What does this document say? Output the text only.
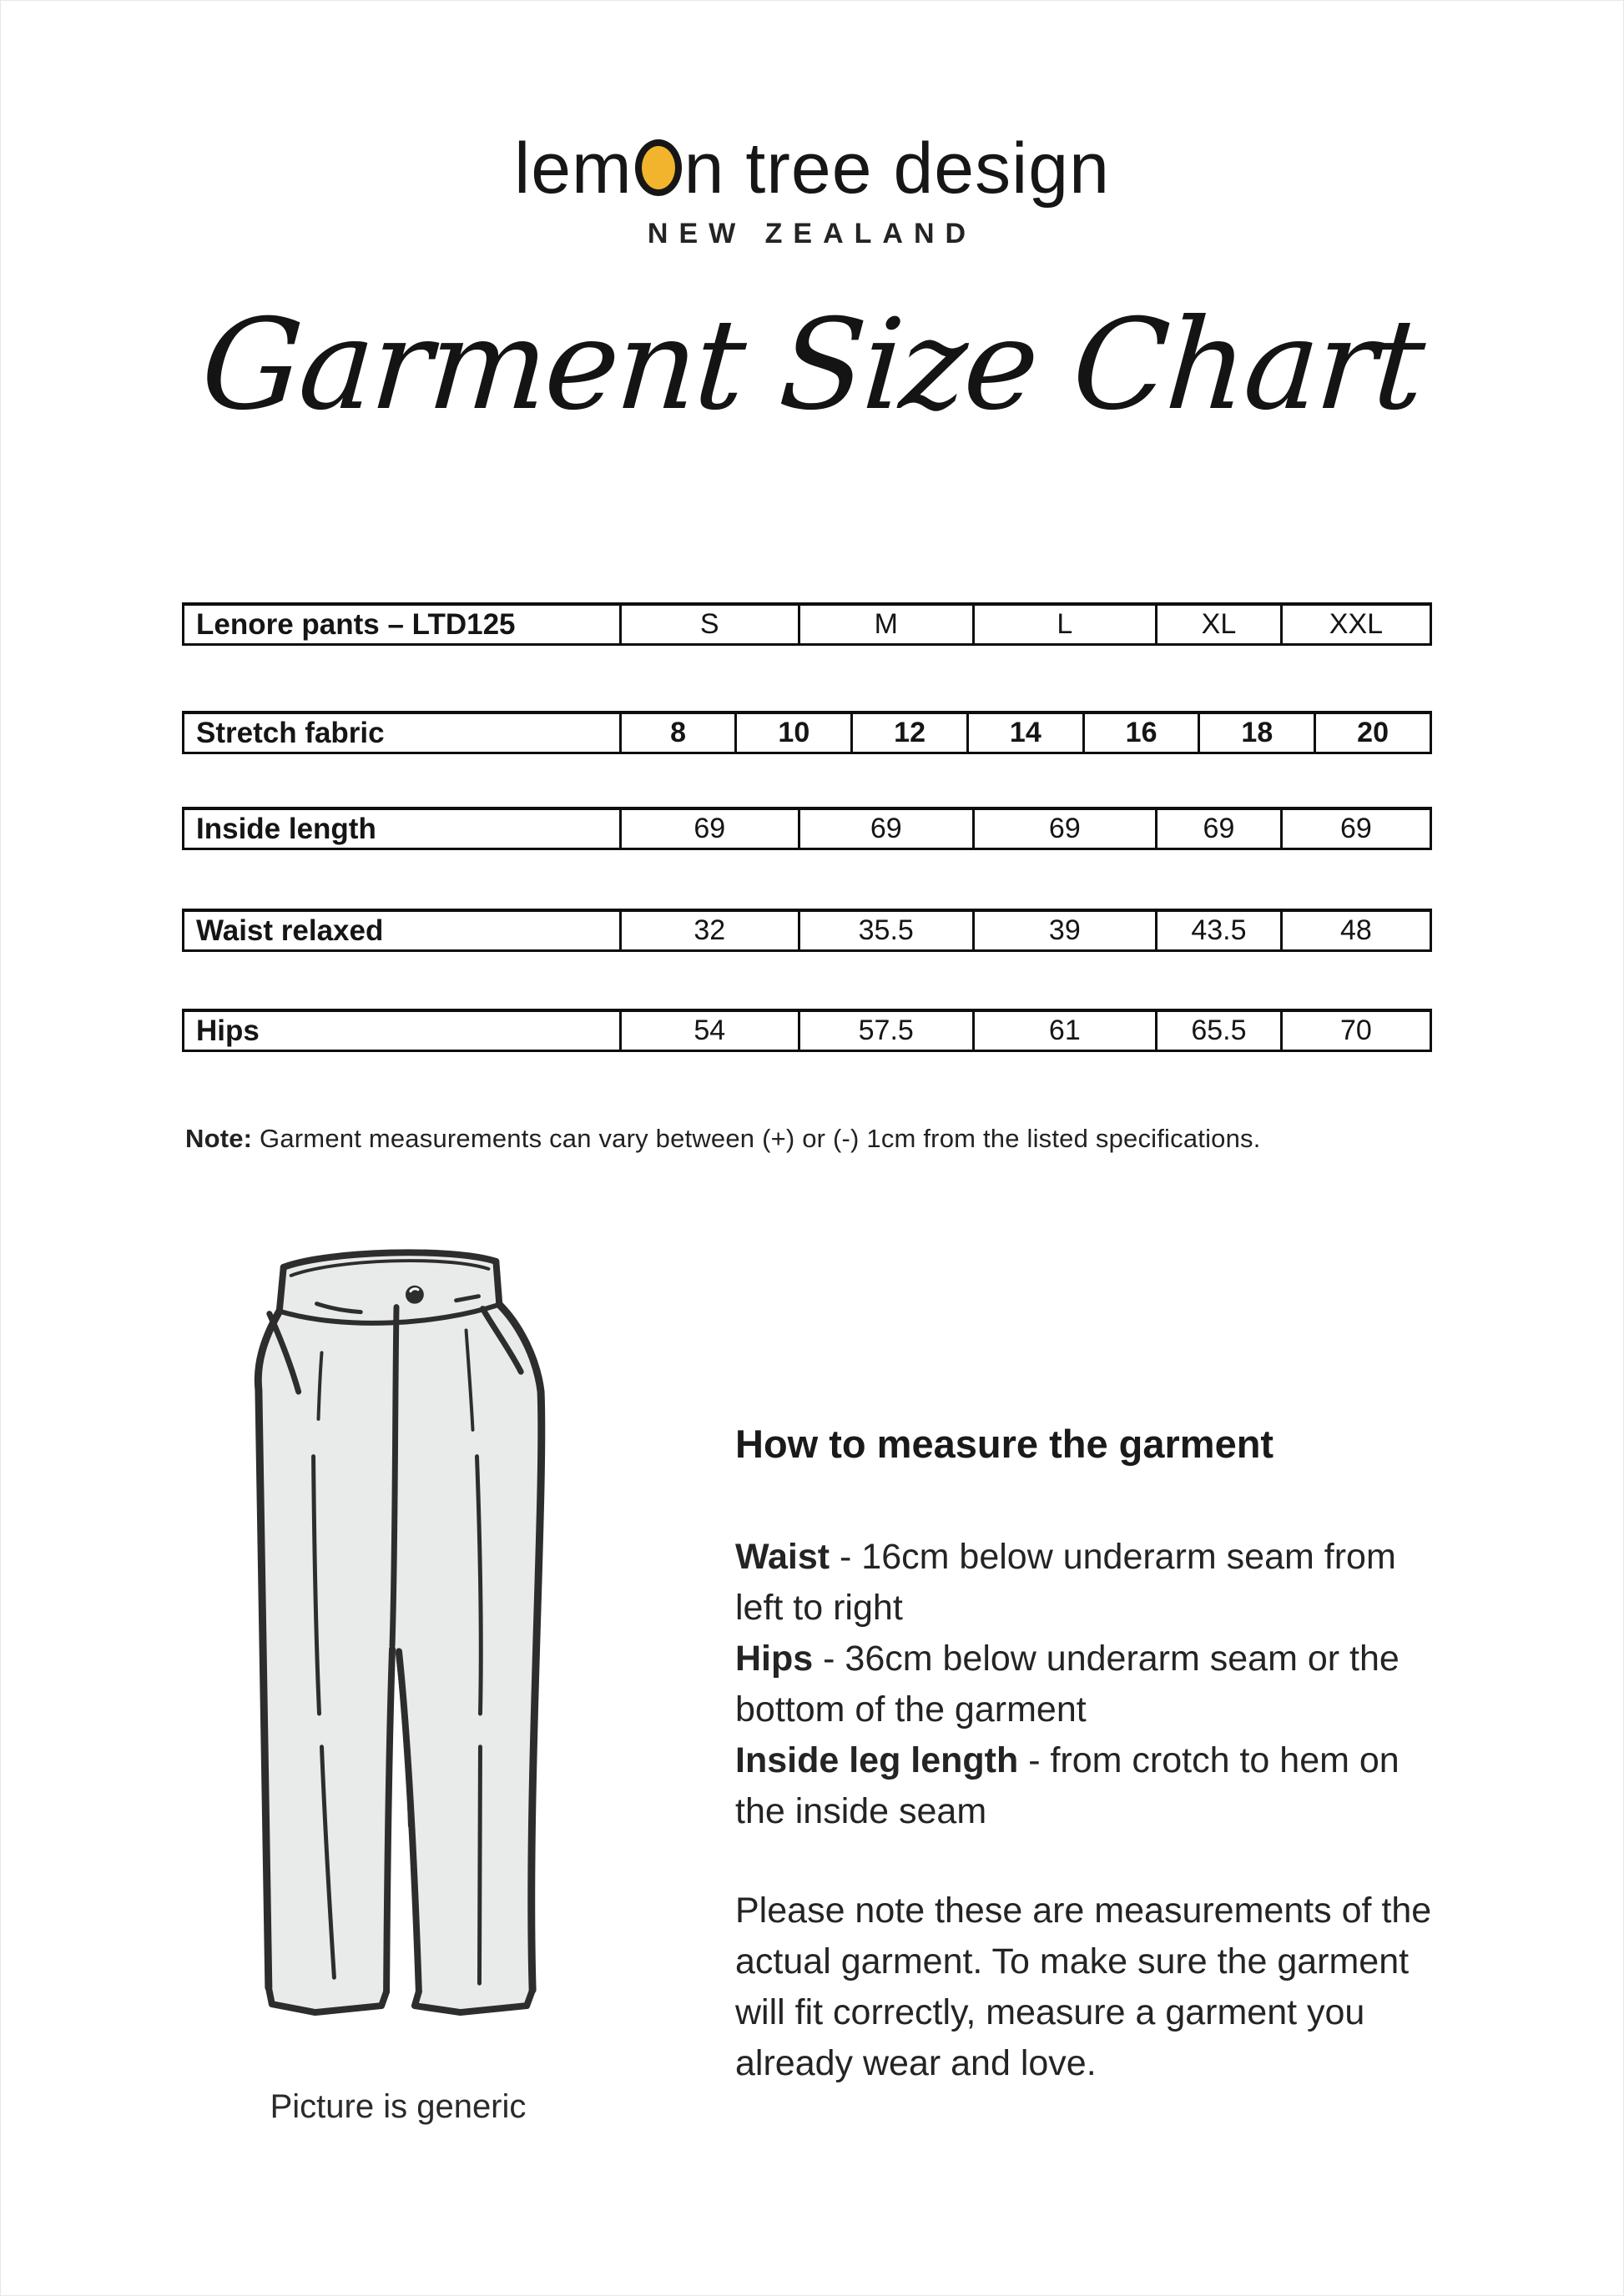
lem n tree design
NEW ZEALAND
Garment Size Chart
Lenore pants – LTD125	S	M	L	XL	XXL
Stretch fabric	8	10	12	14	16	18	20
Inside length	69	69	69	69	69
Waist relaxed	32	35.5	39	43.5	48
Hips	54	57.5	61	65.5	70
Note: Garment measurements can vary between (+) or (-) 1cm from the listed specifications.
Picture is generic
How to measure the garment
Waist - 16cm below underarm seam from
left to right
Hips - 36cm below underarm seam or the
bottom of the garment
Inside leg length - from crotch to hem on
the inside seam
Please note these are measurements of the
actual garment. To make sure the garment
will fit correctly, measure a garment you
already wear and love.
